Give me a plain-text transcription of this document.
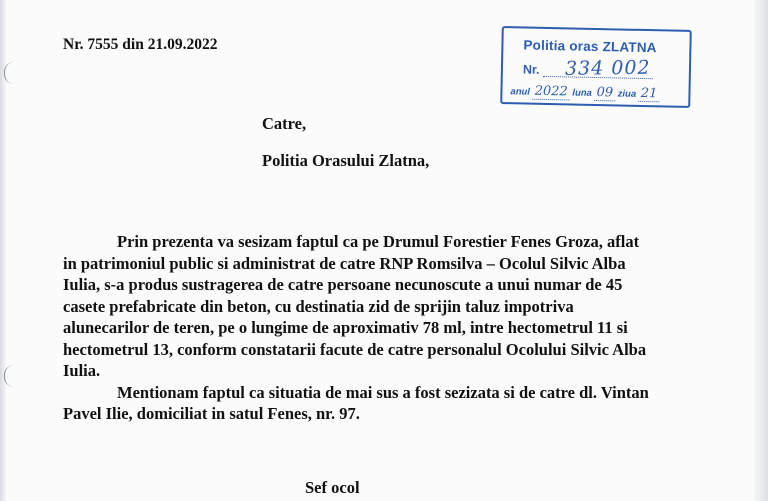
Nr. 7555 din 21.09.2022	Politia oras ZLATNA
Nr. 334 002
anul 2022 luna 09 ziua 21
Catre,
Politia Orasului Zlatna,

Prin prezenta va sesizam faptul ca pe Drumul Forestier Fenes Groza, aflat
in patrimoniul public si administrat de catre RNP Romsilva – Ocolul Silvic Alba
Iulia, s-a produs sustragerea de catre persoane necunoscute a unui numar de 45
casete prefabricate din beton, cu destinatia zid de sprijin taluz impotriva
alunecarilor de teren, pe o lungime de aproximativ 78 ml, intre hectometrul 11 si
hectometrul 13, conform constatarii facute de catre personalul Ocolului Silvic Alba
Iulia.

Mentionam faptul ca situatia de mai sus a fost sezizata si de catre dl. Vintan
Pavel Ilie, domiciliat in satul Fenes, nr. 97.

Sef ocol
